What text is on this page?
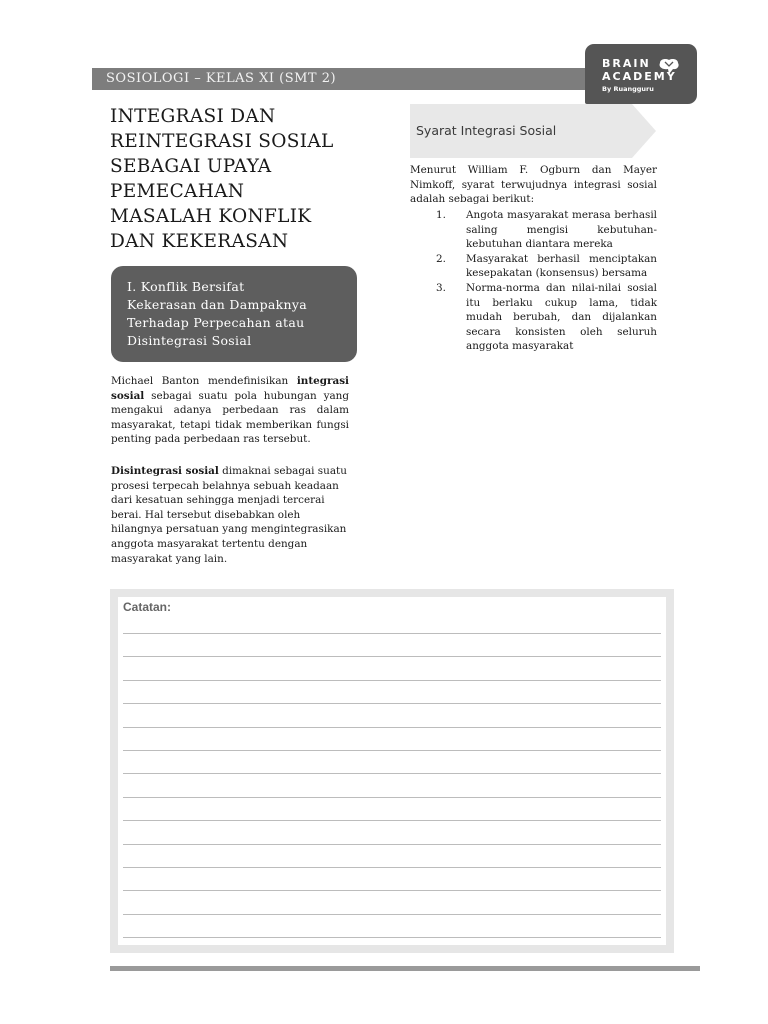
SOSIOLOGI – KELAS XI (SMT 2)
BRAIN
ACADEMY
By Ruangguru
INTEGRASI DAN
REINTEGRASI SOSIAL
SEBAGAI UPAYA
PEMECAHAN
MASALAH KONFLIK
DAN KEKERASAN
I. Konflik Bersifat
Kekerasan dan Dampaknya
Terhadap Perpecahan atau
Disintegrasi Sosial

Michael Banton mendefinisikan integrasi sosial sebagai suatu pola hubungan yang mengakui adanya perbedaan ras dalam masyarakat, tetapi tidak memberikan fungsi penting pada perbedaan ras tersebut.

Disintegrasi sosial dimaknai sebagai suatu prosesi terpecah belahnya sebuah keadaan dari kesatuan sehingga menjadi tercerai berai. Hal tersebut disebabkan oleh hilangnya persatuan yang mengintegrasikan anggota masyarakat tertentu dengan masyarakat yang lain.

Syarat Integrasi Sosial

Menurut William F. Ogburn dan Mayer Nimkoff, syarat terwujudnya integrasi sosial adalah sebagai berikut:

1. Angota masyarakat merasa berhasil saling mengisi kebutuhan-kebutuhan diantara mereka
2. Masyarakat berhasil menciptakan kesepakatan (konsensus) bersama
3. Norma-norma dan nilai-nilai sosial itu berlaku cukup lama, tidak mudah berubah, dan dijalankan secara konsisten oleh seluruh anggota masyarakat
Catatan:
